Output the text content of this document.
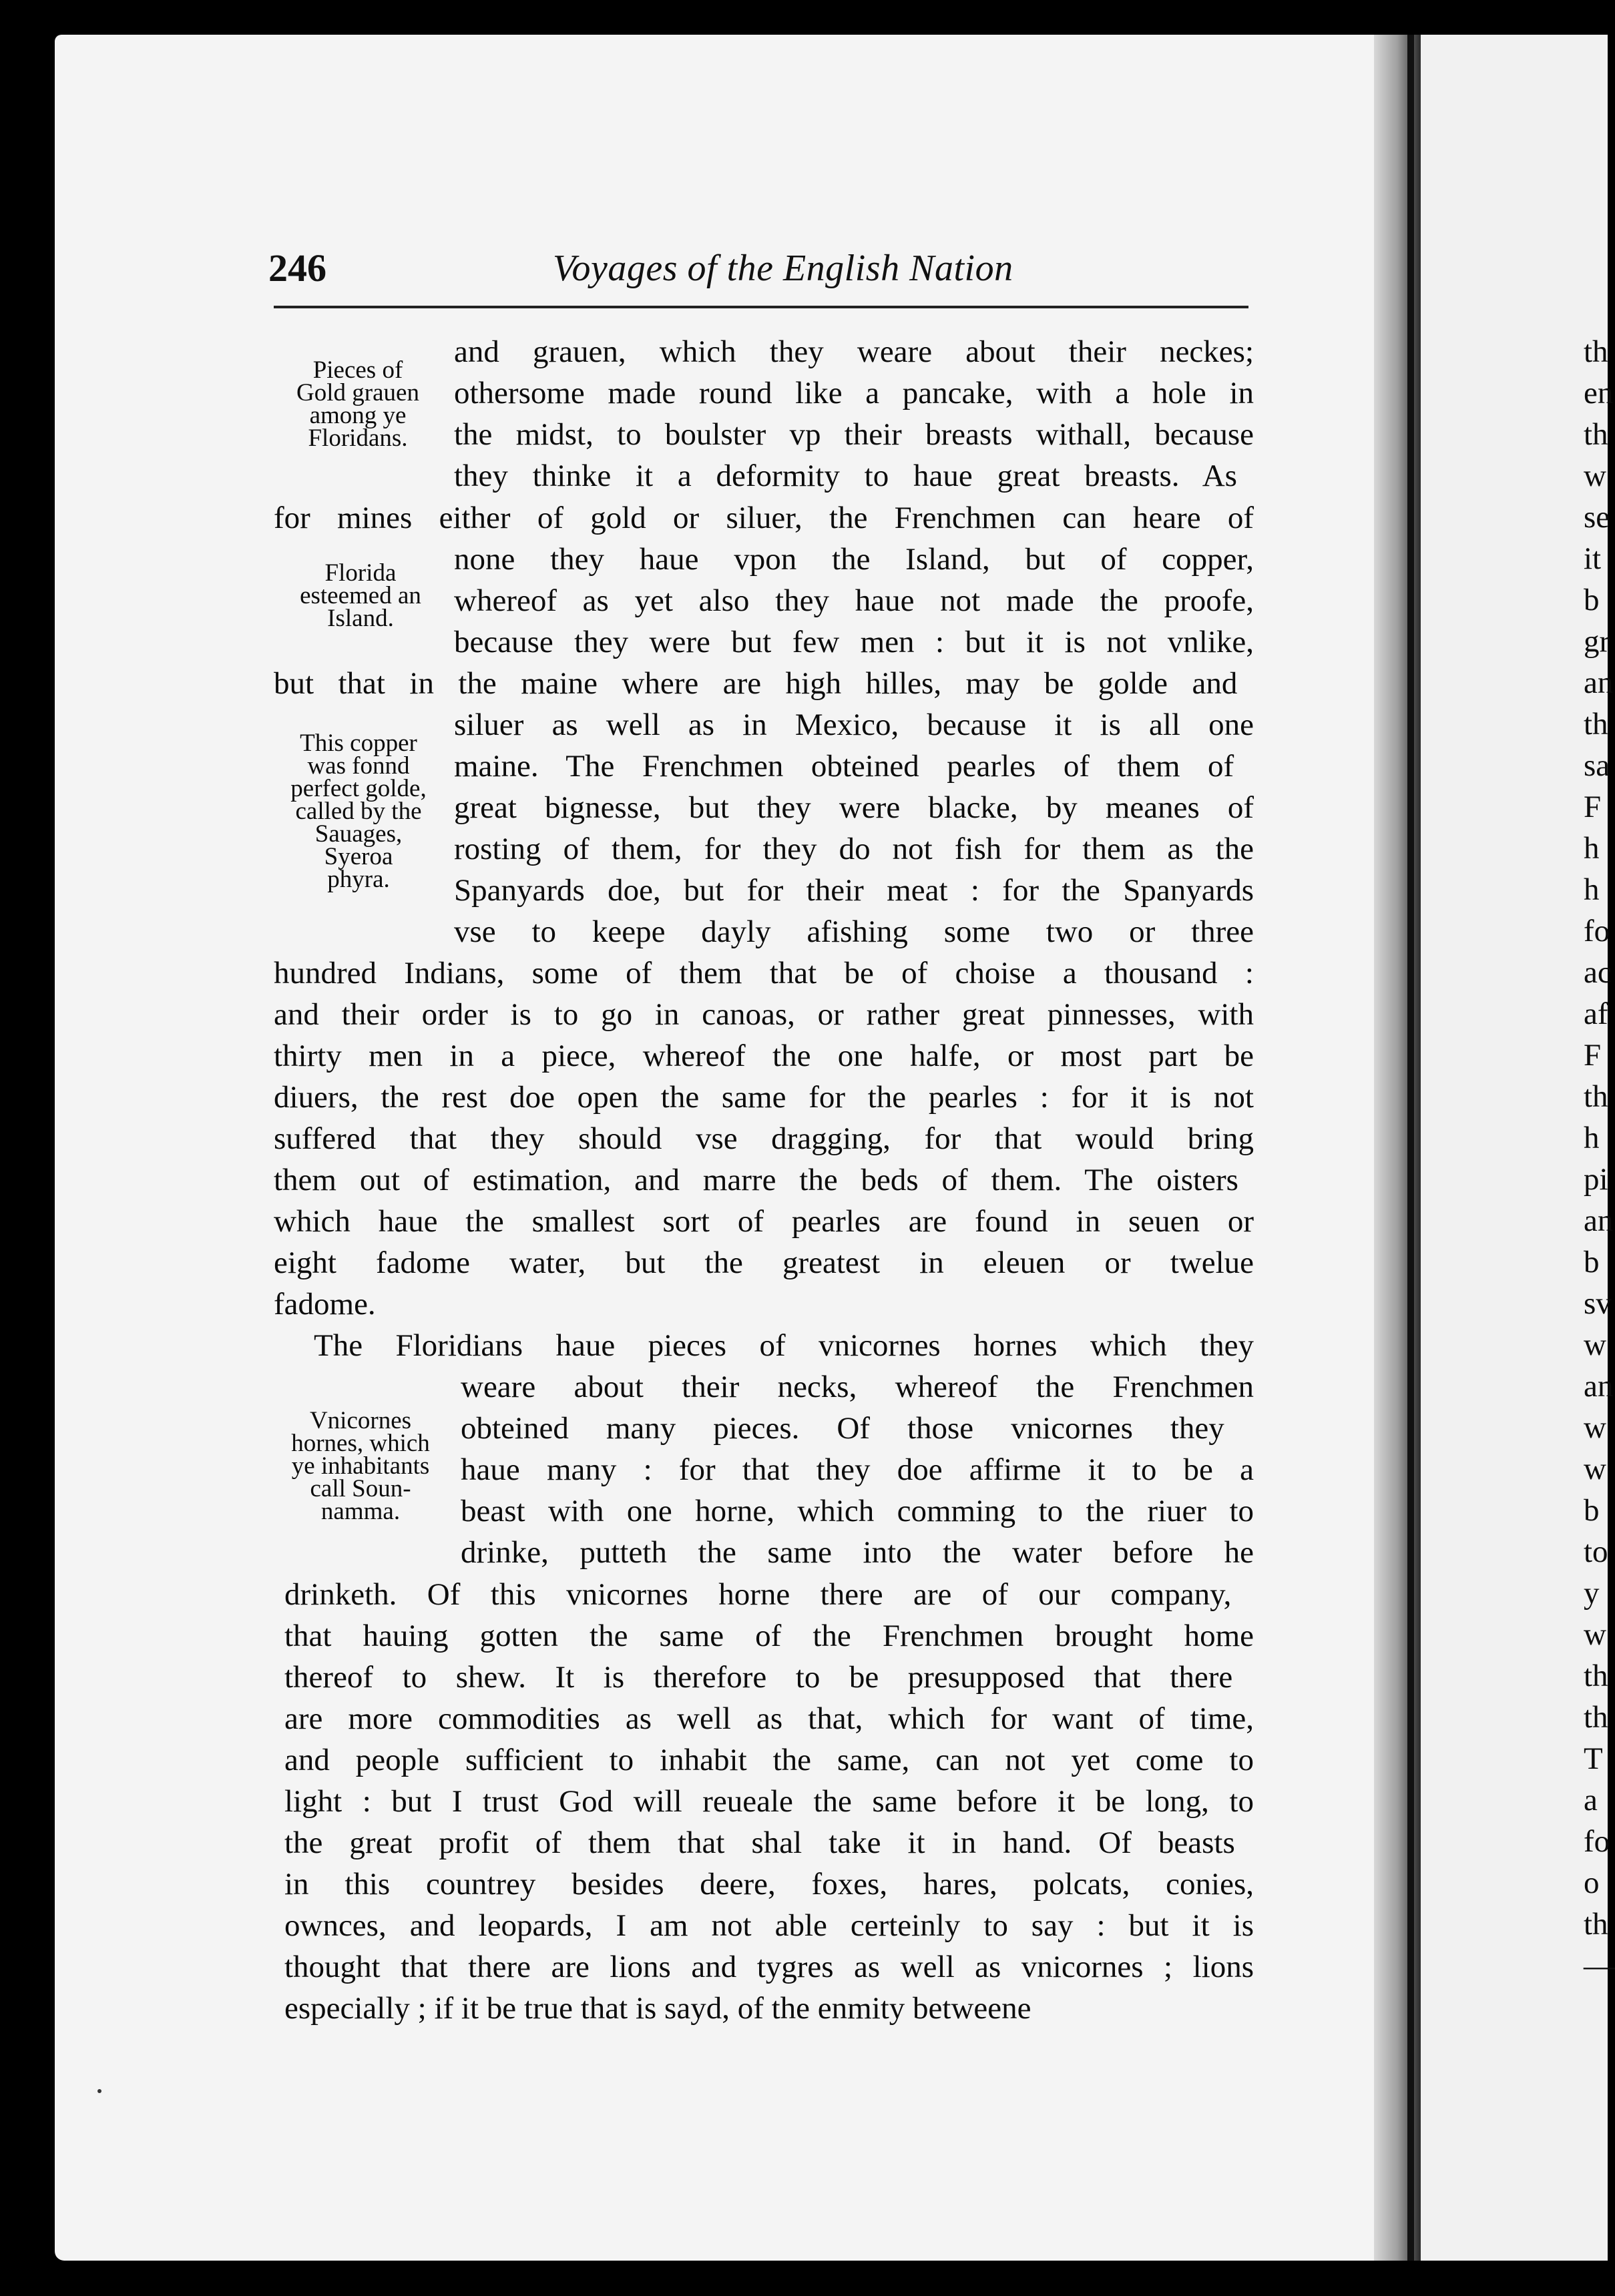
246	Voyages of the English Nation
and grauen, which they weare about their neckes;
othersome made round like a pancake, with a hole in
the midst, to boulster vp their breasts withall, because
they thinke it a deformity to haue great breasts. As
for mines either of gold or siluer, the Frenchmen can heare of
none they haue vpon the Island, but of copper,
whereof as yet also they haue not made the proofe,
because they were but few men : but it is not vnlike,
but that in the maine where are high hilles, may be golde and
siluer as well as in Mexico, because it is all one
maine. The Frenchmen obteined pearles of them of
great bignesse, but they were blacke, by meanes of
rosting of them, for they do not fish for them as the
Spanyards doe, but for their meat : for the Spanyards
vse to keepe dayly afishing some two or three
hundred Indians, some of them that be of choise a thousand :
and their order is to go in canoas, or rather great pinnesses, with
thirty men in a piece, whereof the one halfe, or most part be
diuers, the rest doe open the same for the pearles : for it is not
suffered that they should vse dragging, for that would bring
them out of estimation, and marre the beds of them. The oisters
which haue the smallest sort of pearles are found in seuen or
eight fadome water, but the greatest in eleuen or twelue
fadome.
The Floridians haue pieces of vnicornes hornes which they
weare about their necks, whereof the Frenchmen
obteined many pieces. Of those vnicornes they
haue many : for that they doe affirme it to be a
beast with one horne, which comming to the riuer to
drinke, putteth the same into the water before he
drinketh. Of this vnicornes horne there are of our company,
that hauing gotten the same of the Frenchmen brought home
thereof to shew. It is therefore to be presupposed that there
are more commodities as well as that, which for want of time,
and people sufficient to inhabit the same, can not yet come to
light : but I trust God will reueale the same before it be long, to
the great profit of them that shal take it in hand. Of beasts
in this countrey besides deere, foxes, hares, polcats, conies,
ownces, and leopards, I am not able certeinly to say : but it is
thought that there are lions and tygres as well as vnicornes ; lions
especially ; if it be true that is sayd, of the enmity betweene
Pieces of
Gold grauen
among ye
Floridans.
Florida
esteemed an
Island.
This copper
was fonnd
perfect golde,
called by the
Sauages,
Syeroa
phyra.
Vnicornes
hornes, which
ye inhabitants
call Soun-
namma.
th
en
th
w
se
it
b
gr
an
th
sa
F
h
h
fo
ac
af
F
th
h
pi
an
b
sv
w
an
w
w
b
to
y
w
th
th
T
a
fo
o
th
—
